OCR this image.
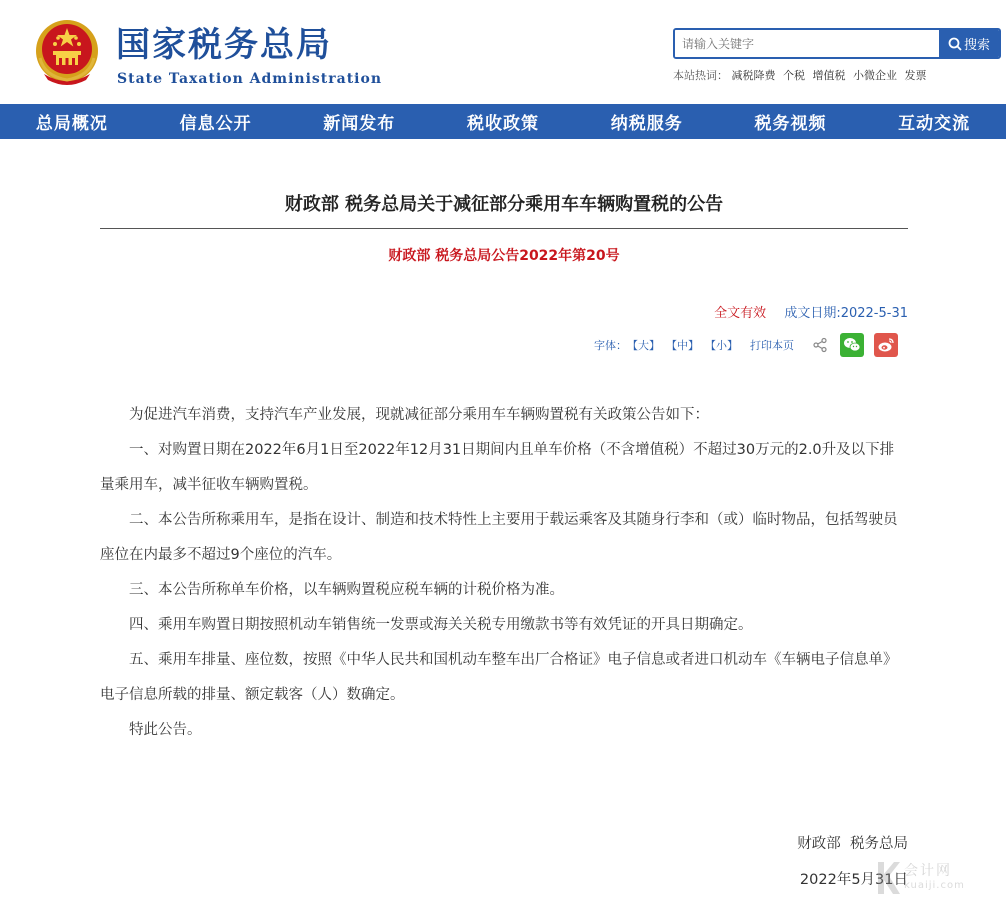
国家税务总局
State Taxation Administration
请输入关键字
搜索
本站热词： 减税降费 个税 增值税 小微企业 发票
总局概况	信息公开	新闻发布	税收政策	纳税服务	税务视频	互动交流
财政部 税务总局关于减征部分乘用车车辆购置税的公告
财政部 税务总局公告2022年第20号
全文有效 成文日期:2022-5-31
字体： 【大】 【中】 【小】 打印本页

为促进汽车消费，支持汽车产业发展，现就减征部分乘用车车辆购置税有关政策公告如下：

一、对购置日期在2022年6月1日至2022年12月31日期间内且单车价格（不含增值税）不超过30万元的2.0升及以下排量乘用车，减半征收车辆购置税。

二、本公告所称乘用车，是指在设计、制造和技术特性上主要用于载运乘客及其随身行李和（或）临时物品，包括驾驶员座位在内最多不超过9个座位的汽车。

三、本公告所称单车价格，以车辆购置税应税车辆的计税价格为准。

四、乘用车购置日期按照机动车销售统一发票或海关关税专用缴款书等有效凭证的开具日期确定。

五、乘用车排量、座位数，按照《中华人民共和国机动车整车出厂合格证》电子信息或者进口机动车《车辆电子信息单》电子信息所载的排量、额定载客（人）数确定。

特此公告。

财政部  税务总局
2022年5月31日
会计网
kuaiji.com
